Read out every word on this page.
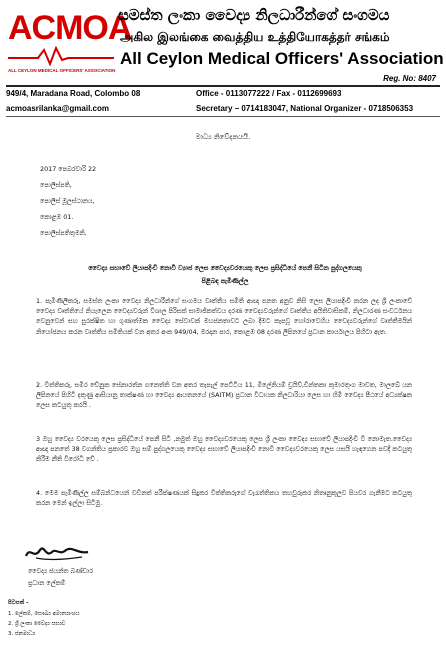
ACMOA
ALL CEYLON MEDICAL OFFICERS' ASSOCIATION
සමස්ත ලංකා වෛද්‍ය නිලධාරීන්ගේ සංගමය
அகில இலங்கை வைத்திய உத்தியோகத்தர் சங்கம்
All Ceylon Medical Officers' Association
Reg. No: 8407
949/4, Maradana Road, Colombo 08	Office - 0113077222 / Fax - 0112699693
acmoasrilanka@gmail.com	Secretary – 0714183047, National Organizer - 0718506353
මාධ්‍ය නිවේදනයයි.
2017 පෙබරවාරි 22
පොලිස්පති,
පොලිස් මූලස්ථානය,
කොළඹ 01.
පොලිස්පතිතුමනි,
වෛද්‍ය සභාවේ ලියාපදිංචි නොවී ව්‍යාජ ලෙස වෛද්‍යවරයෙකු ලෙස ප්‍රසිද්ධියේ පෙනී සිටින පුද්ගලයෙකු
පිළිබඳ පැමිණිල්ල
1. පැමිණිලිකරු, සමස්ත ලංකා වෛද්‍ය නිලධාරීන්ගේ සංගමය වෘත්තීය සමිති ආඥා පනත අනුව නිසි ලෙස ලියාපදිංචි කරන ලද ශ්‍රී ලංකාවේ වෛද්‍ය වෘත්තියේ නියැලෙන වෛද්‍යවරුන් විශාල පිරිසක් සාමාජිකත්වය දරණ වෛද්‍යවරුන්ගේ වෘත්තීය අයිතිවාසිකම්, නිලධාරණ සංවර්ධනය වෙනුවෙන් සහ සුරක්ෂිත හා ගුණාත්මක වෛද්‍ය සේවාවක් මහජනතාවට ලබා දීමට කැපවූ හෝරාවෙහිය වෛද්‍යවරුන්ගේ වෘත්තීමයින් නියෝජනය කරන වෘත්තීය සමිතියක් වන අතර අංක 949/04, මරදාන පාර, කොළඹ 08 දරණ ලිපිනයේ ප්‍රධාන කාර්යාලය පිහිටා ඇත.
2. විත්තිකරු, සමීර චේනුක සේනාරත්න ගනෙත්ති වන අතර තැපැල් පෙට්ටිය 11, මිලේනියම් ඩ්‍රයිව්,චින්තකා කුමාරතුංග මාවත, මාලබේ යන ලිපිනයේ පිහිටි දකුණු ආසියානු තාක්ෂණ හා වෛද්‍ය ආයතනයේ (SAITM) ප්‍රධාන විධායක නිලධාරියා ලෙස හා හිමි වෛද්‍ය පීඨයේ අධ්‍යක්ෂක ලෙස කටයුතු කරයි .
3 ඔහු වෛද්‍ය වරයෙකු ලෙස ප්‍රසිද්ධියේ පෙනී සිටි ,නමුත් ඔහු වෛද්‍යවරයෙකු ලෙස ශ්‍රී ලංකා වෛද්‍ය සභාවේ ලියාපදිංචි වී නොමැත.වෛද්‍ය ආඥා පනතේ 38 වගන්තිය ප්‍රකාරව ඔහු සම් පුද්ගලයෙකු වෛද්‍ය සභාවේ ලියාපදිංචි නොවී වෛද්‍යවරයෙකු ලෙස යසයි හැඳගෙන පවදී කටයුතු කිරීම නීති විරෝධී වේ .
4. මෙම පැමිණිල්ල සම්බන්ධයෙන් වඩිනත් පරීක්ෂණයක් සිදුකර විත්තිකරුගේ වැරැත්තිකය තහවුරුකර නිතෘනුකූලව පියවර ගැනීමට කටයුතු කරන මෙන් ඉල්ලා සිටිමු.
වෛද්‍ය ජයන්ත බණ්ඩාර
ප්‍රධාන ලේකම්
පිටපත් -
1. ලේකම්, සෞඛ්‍ය අමාත්‍යාංශය
2. ශ්‍රී ලංකා වෛද්‍ය සභාව
3. ජනමාධ්‍ය
